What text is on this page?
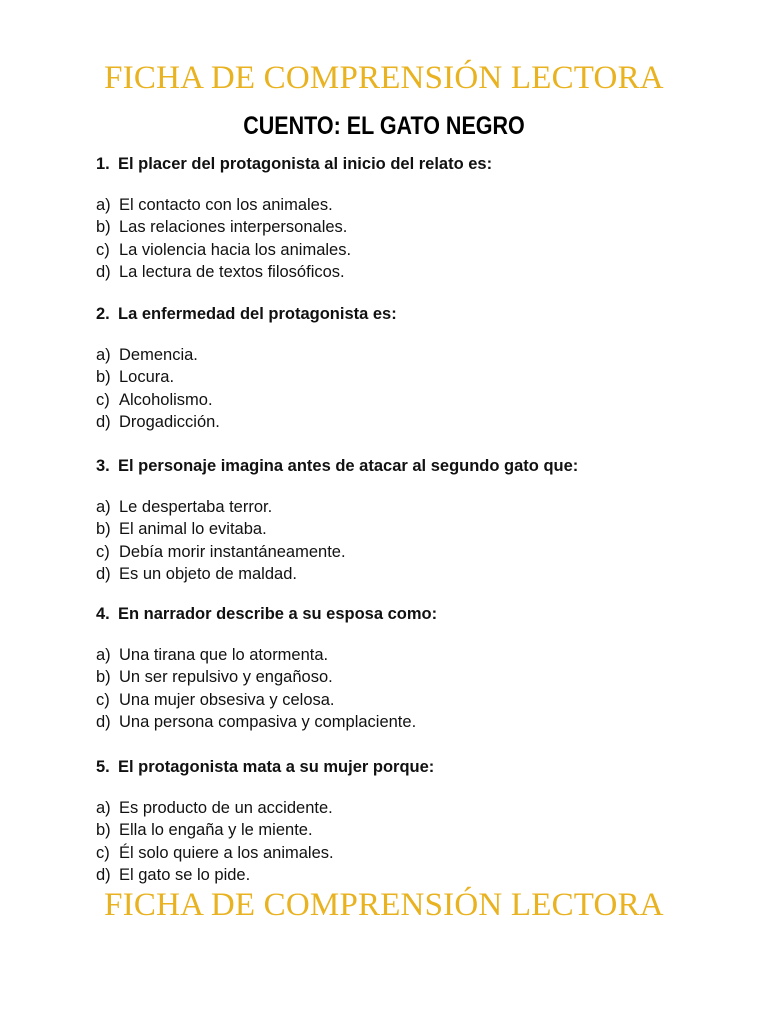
FICHA DE COMPRENSIÓN LECTORA
CUENTO: EL GATO NEGRO

1. El placer del protagonista al inicio del relato es:

a) El contacto con los animales.
b) Las relaciones interpersonales.
c) La violencia hacia los animales.
d) La lectura de textos filosóficos.

2. La enfermedad del protagonista es:

a) Demencia.
b) Locura.
c) Alcoholismo.
d) Drogadicción.

3. El personaje imagina antes de atacar al segundo gato que:

a) Le despertaba terror.
b) El animal lo evitaba.
c) Debía morir instantáneamente.
d) Es un objeto de maldad.

4. En narrador describe a su esposa como:

a) Una tirana que lo atormenta.
b) Un ser repulsivo y engañoso.
c) Una mujer obsesiva y celosa.
d) Una persona compasiva y complaciente.

5. El protagonista mata a su mujer porque:

a) Es producto de un accidente.
b) Ella lo engaña y le miente.
c) Él solo quiere a los animales.
d) El gato se lo pide.
FICHA DE COMPRENSIÓN LECTORA
